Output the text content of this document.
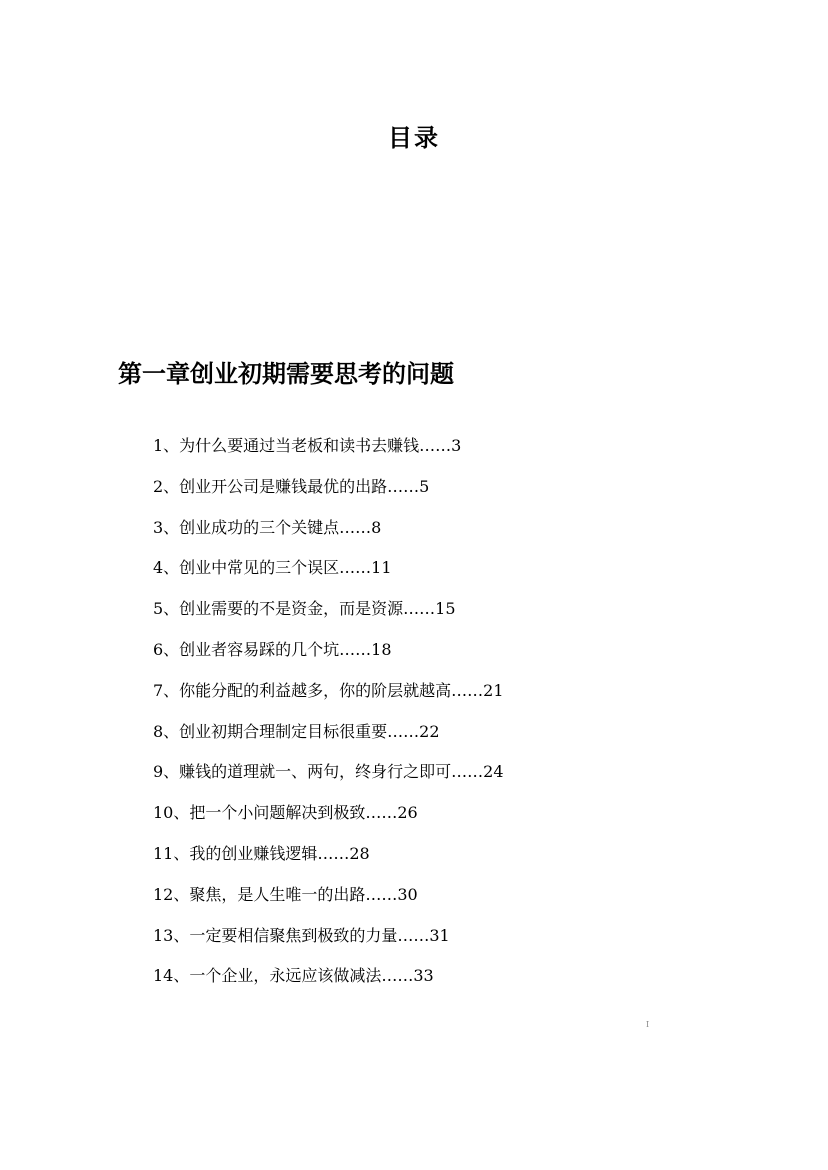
目录
第一章创业初期需要思考的问题
1、为什么要通过当老板和读书去赚钱……3
2、创业开公司是赚钱最优的出路……5
3、创业成功的三个关键点……8
4、创业中常见的三个误区……11
5、创业需要的不是资金，而是资源……15
6、创业者容易踩的几个坑……18
7、你能分配的利益越多，你的阶层就越高……21
8、创业初期合理制定目标很重要……22
9、赚钱的道理就一、两句，终身行之即可……24
10、把一个小问题解决到极致……26
11、我的创业赚钱逻辑……28
12、聚焦，是人生唯一的出路……30
13、一定要相信聚焦到极致的力量……31
14、一个企业，永远应该做减法……33
I
